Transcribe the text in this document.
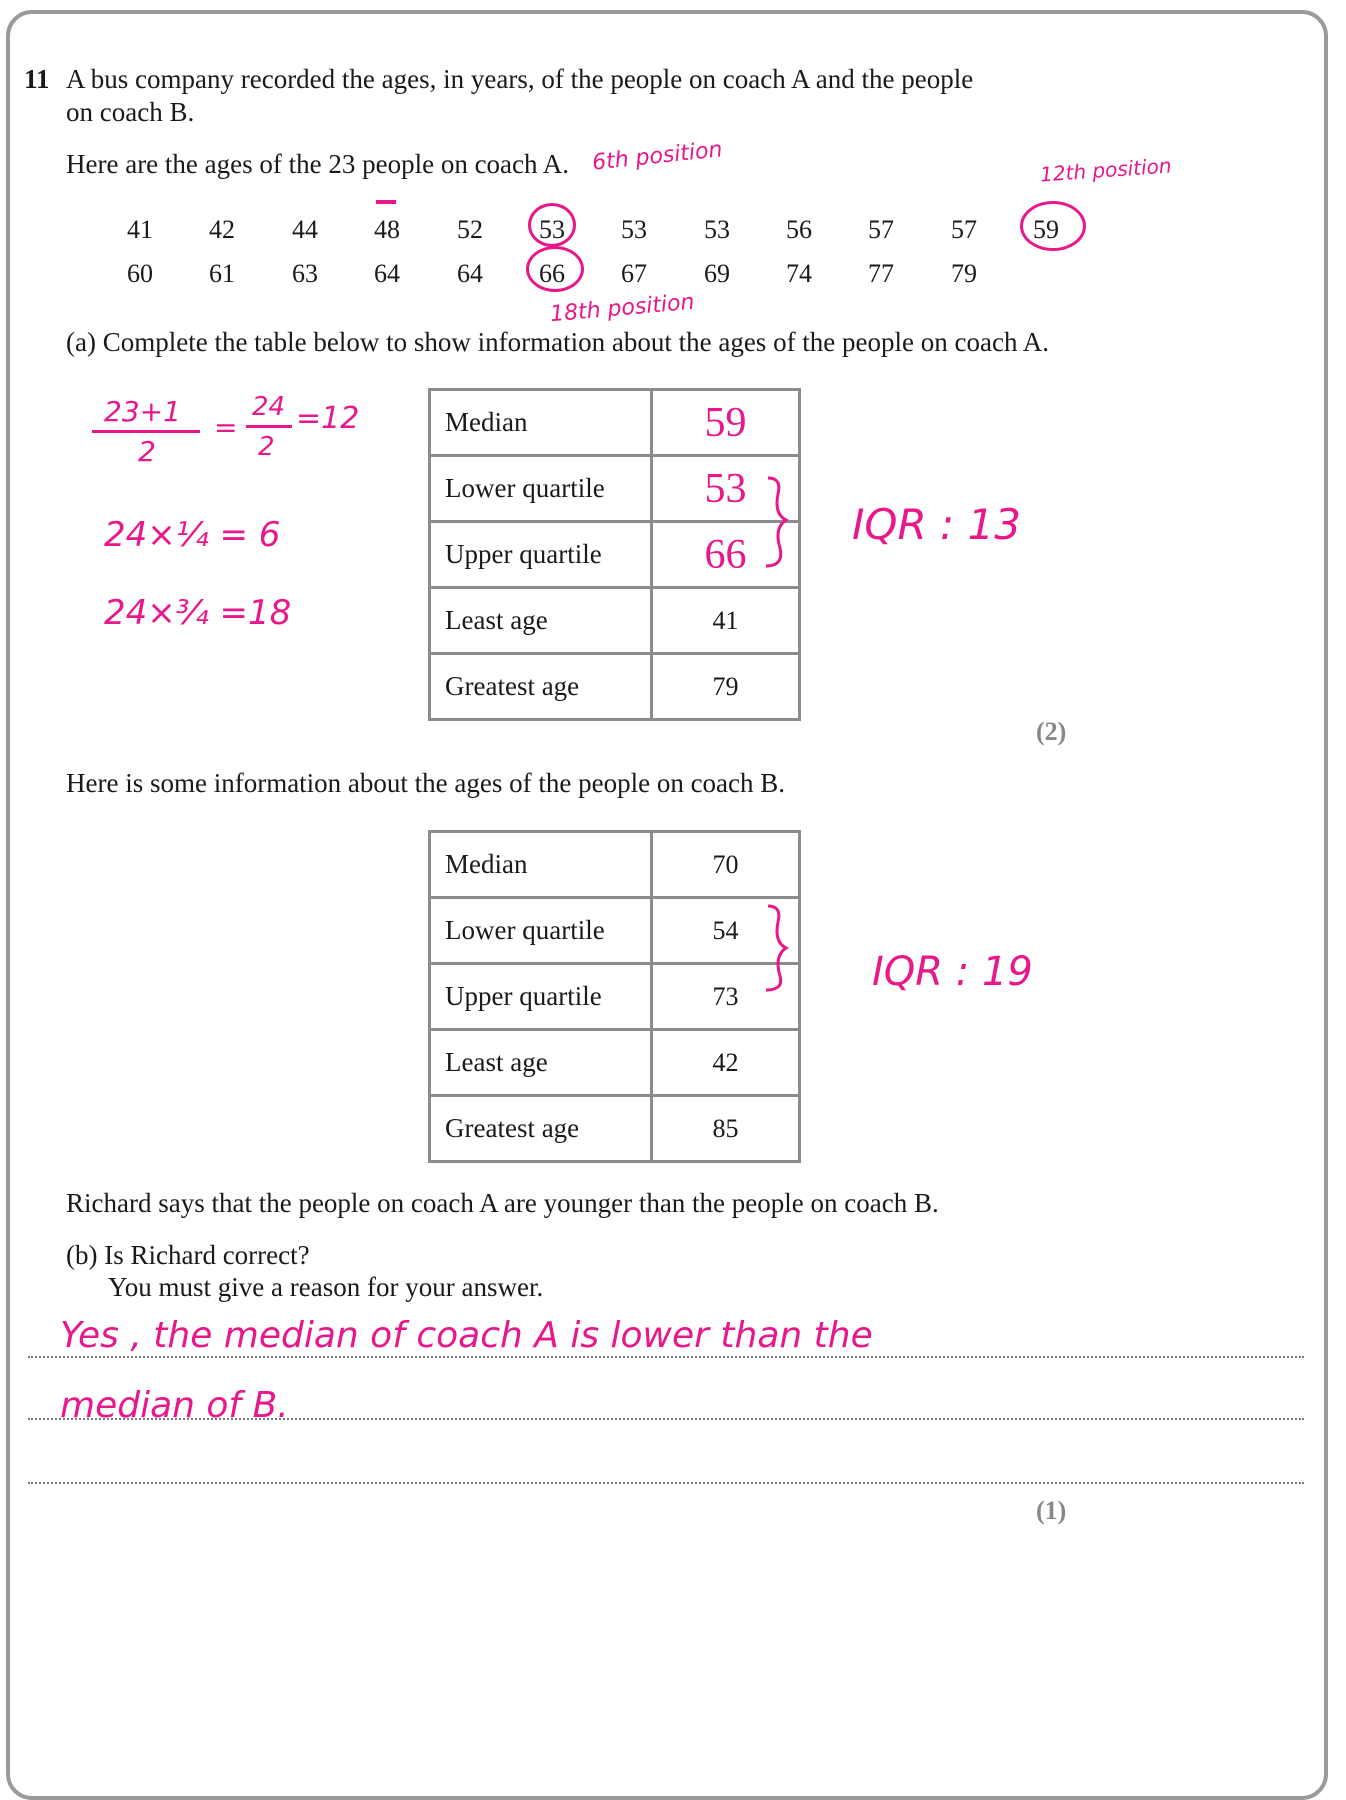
11 A bus company recorded the ages, in years, of the people on coach A and the people
on coach B.
Here are the ages of the 23 people on coach A. 6th position	12th position
18th position
41	42	44	48	52	53	53	53	56	57	57	59
60	61	63	64	64	66	67	69	74	77	79
(a) Complete the table below to show information about the ages of the people on coach A.
23+1
2
=
24
2
=12
24×¼ = 6
24×¾ =18
Median	59
Lower quartile	53
Upper quartile	66
Least age	41
Greatest age	79
IQR : 13
(2)
Here is some information about the ages of the people on coach B.
Median	70
Lower quartile	54
Upper quartile	73
Least age	42
Greatest age	85
IQR : 19
Richard says that the people on coach A are younger than the people on coach B.
(b) Is Richard correct?
You must give a reason for your answer.
Yes , the median of coach A is lower than the
median of B.
(1)
